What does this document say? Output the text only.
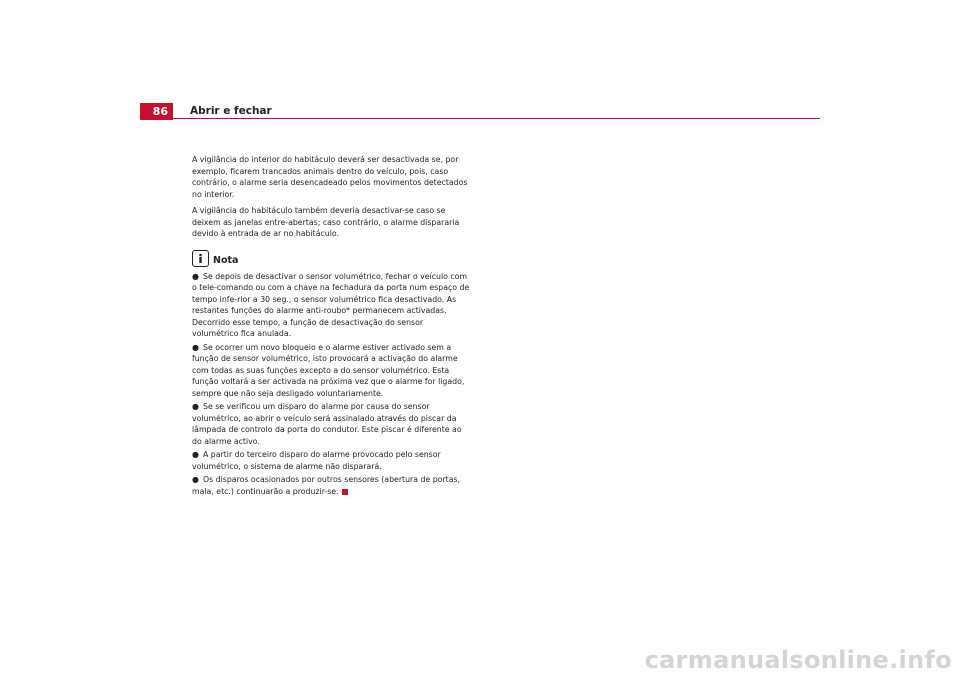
86	Abrir e fechar

A vigilância do interior do habitáculo deverá ser desactivada se, por exemplo, ficarem trancados animais dentro do veículo, pois, caso contrário, o alarme seria desencadeado pelos movimentos detectados no interior.

A vigilância do habitáculo também deveria desactivar-se caso se deixem as janelas entre-abertas; caso contrário, o alarme dispararia devido à entrada de ar no habitáculo.

Nota
● Se depois de desactivar o sensor volumétrico, fechar o veículo com o tele-comando ou com a chave na fechadura da porta num espaço de tempo infe-rior a 30 seg., o sensor volumétrico fica desactivado. As restantes funções do alarme anti-roubo* permanecem activadas. Decorrido esse tempo, a função de desactivação do sensor volumétrico fica anulada.
● Se ocorrer um novo bloqueio e o alarme estiver activado sem a função de sensor volumétrico, isto provocará a activação do alarme com todas as suas funções excepto a do sensor volumétrico. Esta função voltará a ser activada na próxima vez que o alarme for ligado, sempre que não seja desligado voluntariamente.
● Se se verificou um disparo do alarme por causa do sensor volumétrico, ao abrir o veículo será assinalado através do piscar da lâmpada de controlo da porta do condutor. Este piscar é diferente ao do alarme activo.
● A partir do terceiro disparo do alarme provocado pelo sensor volumétrico, o sistema de alarme não disparará.
● Os disparos ocasionados por outros sensores (abertura de portas, mala, etc.) continuarão a produzir-se.
carmanualsonline.info
